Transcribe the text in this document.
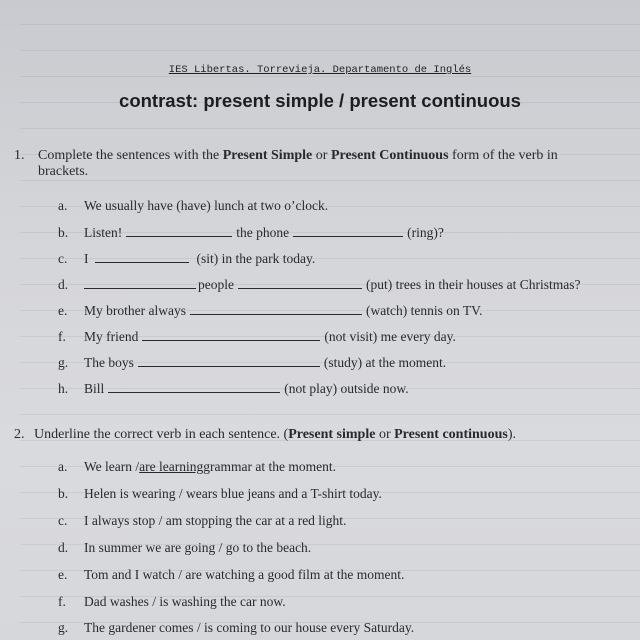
IES Libertas. Torrevieja. Departamento de Inglés
contrast: present simple / present continuous
1. Complete the sentences with the Present Simple or Present Continuous form of the verb in
brackets.
a.	We usually have (have) lunch at two o’clock.
b.	Listen!	the phone	(ring)?
c.	I	(sit) in the park today.
d.	people	(put) trees in their houses at Christmas?
e.	My brother always	(watch) tennis on TV.
f.	My friend	(not visit) me every day.
g.	The boys	(study) at the moment.
h.	Bill	(not play) outside now.
2. Underline the correct verb in each sentence. (Present simple or Present continuous).
a.	We learn / are learning grammar at the moment.
b.	Helen is wearing / wears blue jeans and a T-shirt today.
c.	I always stop / am stopping the car at a red light.
d.	In summer we are going / go to the beach.
e.	Tom and I watch / are watching a good film at the moment.
f.	Dad washes / is washing the car now.
g.	The gardener comes / is coming to our house every Saturday.
